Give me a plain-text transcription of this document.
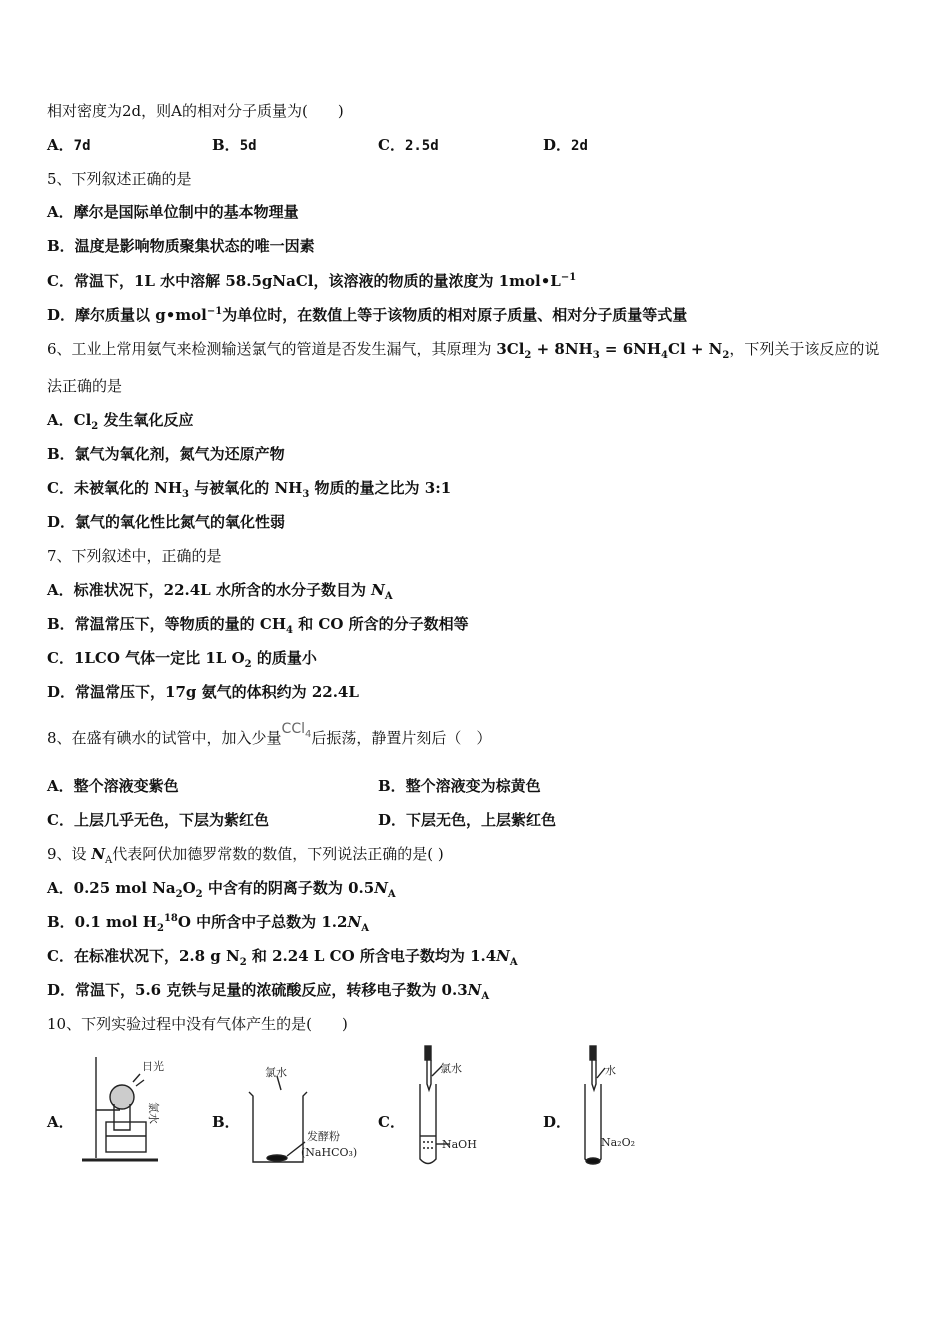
相对密度为2d，则A的相对分子质量为(　　)
A．7d	B．5d	C．2.5d	D．2d
5、下列叙述正确的是
A．摩尔是国际单位制中的基本物理量
B．温度是影响物质聚集状态的唯一因素
C．常温下，1L 水中溶解 58.5gNaCl，该溶液的物质的量浓度为 $1mol•L^{-1}$
D．摩尔质量以 g•mol$^{-1}$为单位时，在数值上等于该物质的相对原子质量、相对分子质量等式量
6、工业上常用氨气来检测输送氯气的管道是否发生漏气，其原理为 $3Cl_2 + 8NH_3 = 6NH_4Cl + N_2$，下列关于该反应的说
法正确的是
A．$Cl_2$ 发生氧化反应
B．氯气为氧化剂，氮气为还原产物
C．未被氧化的 $NH_3$ 与被氧化的 $NH_3$ 物质的量之比为 3:1
D．氯气的氧化性比氮气的氧化性弱
7、下列叙述中，正确的是
A．标准状况下，22.4L 水所含的水分子数目为 $N_A$
B．常温常压下，等物质的量的 $CH_4$ 和 CO 所含的分子数相等
C．1LCO 气体一定比 1L $O_2$ 的质量小
D．常温常压下，17g 氨气的体积约为 22.4L
8、在盛有碘水的试管中，加入少量CCl$_4$后振荡，静置片刻后（　）
A．整个溶液变紫色	B．整个溶液变为棕黄色
C．上层几乎无色，下层为紫红色	D．下层无色，上层紫红色
9、设 $N_A$代表阿伏加德罗常数的数值，下列说法正确的是( )
A．0.25 mol $Na_2O_2$ 中含有的阴离子数为 $0.5N_A$
B．0.1 mol $H_2^{18}O$ 中所含中子总数为 $1.2N_A$
C．在标准状况下，2.8 g $N_2$ 和 2.24 L CO 所含电子数均为 $1.4N_A$
D．常温下，5.6 克铁与足量的浓硫酸反应，转移电子数为 $0.3N_A$
10、下列实验过程中没有气体产生的是(　　)
A．
日光
氯水	B．
氯水
发酵粉
(NaHCO₃)
C．
氯水
NaOH
D．
水
Na₂O₂
